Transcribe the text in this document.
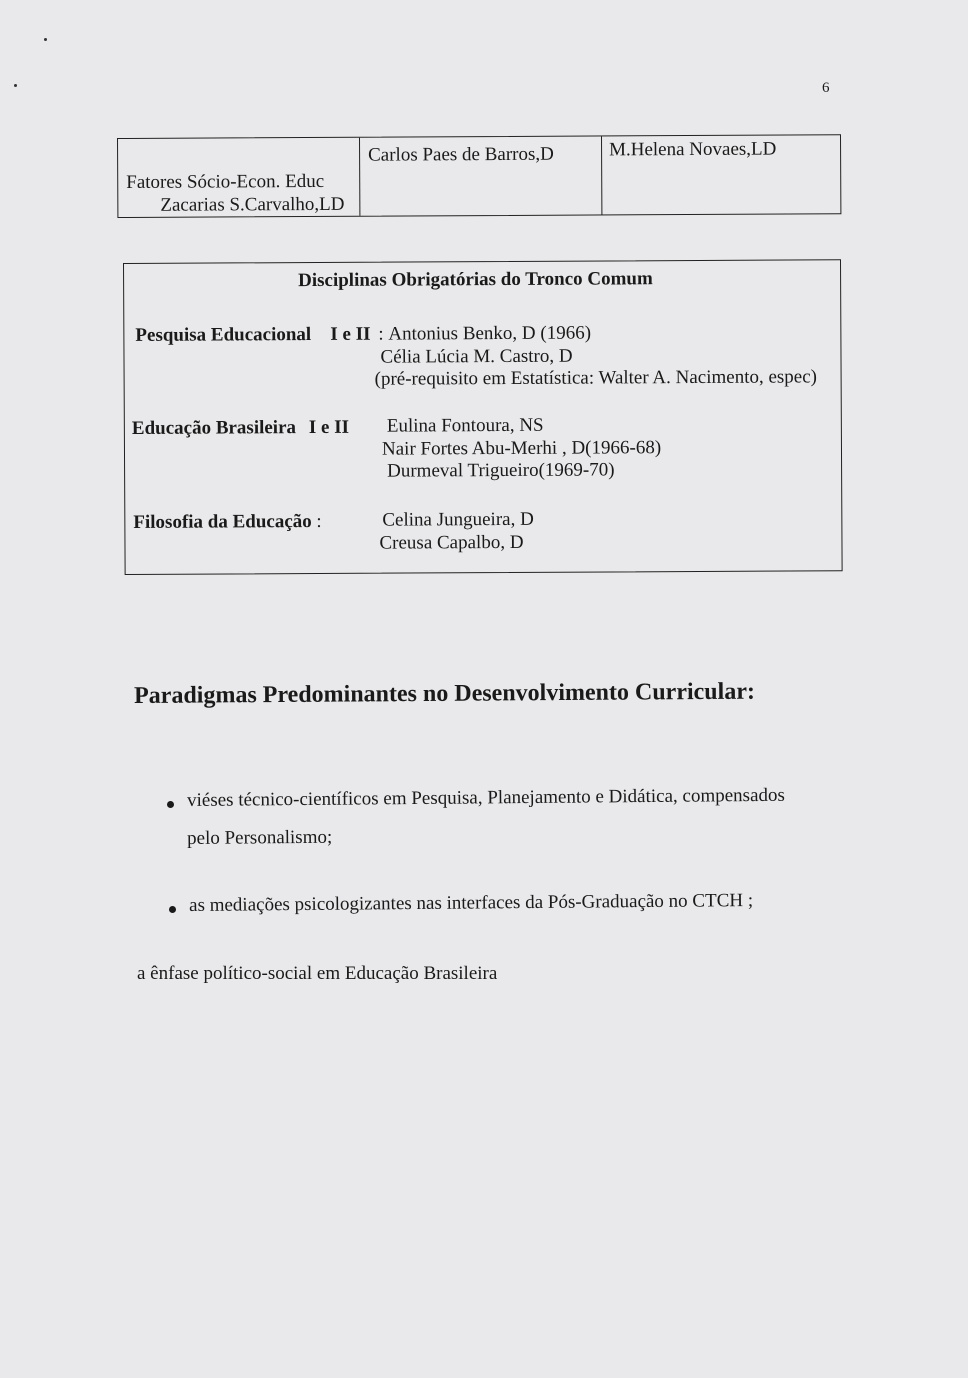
6
Fatores Sócio-Econ. Educ
Zacarias S.Carvalho,LD
Carlos Paes de Barros,D	M.Helena Novaes,LD
Disciplinas Obrigatórias do Tronco Comum
Pesquisa Educacional I e II : Antonius Benko, D (1966)
Célia Lúcia M. Castro, D
(pré-requisito em Estatística: Walter A. Nacimento, espec)
Educação Brasileira I e II Eulina Fontoura, NS
Nair Fortes Abu-Merhi , D(1966-68)
Durmeval Trigueiro(1969-70)
Filosofia da Educação :	Celina Jungueira, D
Creusa Capalbo, D
Paradigmas Predominantes no Desenvolvimento Curricular:
viéses técnico-científicos em Pesquisa, Planejamento e Didática, compensados
pelo Personalismo;
as mediações psicologizantes nas interfaces da Pós-Graduação no CTCH ;
a ênfase político-social em Educação Brasileira
